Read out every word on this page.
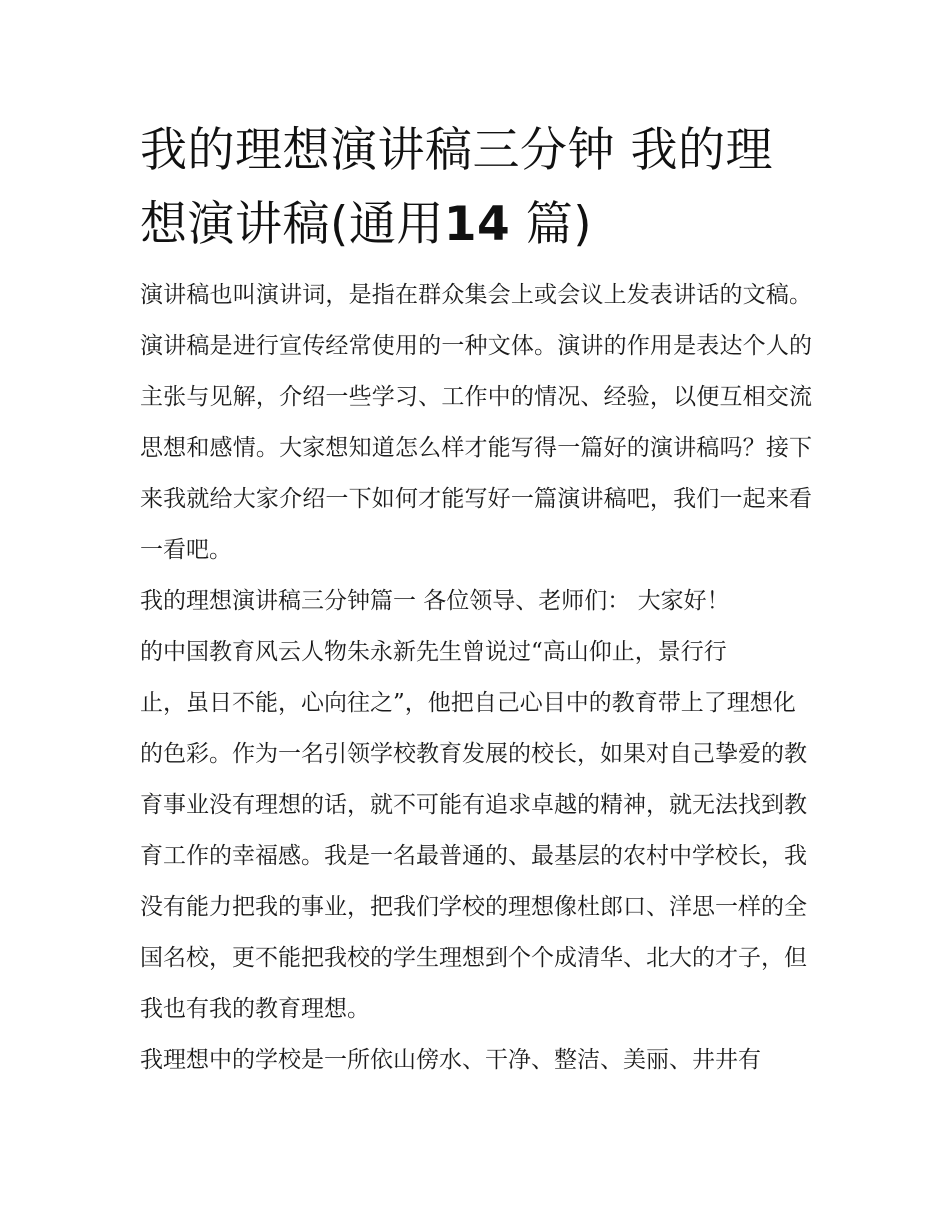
我的理想演讲稿三分钟 我的理想演讲稿(通用14 篇)

演讲稿也叫演讲词，是指在群众集会上或会议上发表讲话的文稿。演讲稿是进行宣传经常使用的一种文体。演讲的作用是表达个人的主张与见解，介绍一些学习、工作中的情况、经验，以便互相交流思想和感情。大家想知道怎么样才能写得一篇好的演讲稿吗？接下来我就给大家介绍一下如何才能写好一篇演讲稿吧，我们一起来看一看吧。

我的理想演讲稿三分钟篇一 各位领导、老师们： 大家好！

的中国教育风云人物朱永新先生曾说过“高山仰止，景行行

止，虽日不能，心向往之”，他把自己心目中的教育带上了理想化的色彩。作为一名引领学校教育发展的校长，如果对自己挚爱的教育事业没有理想的话，就不可能有追求卓越的精神，就无法找到教育工作的幸福感。我是一名最普通的、最基层的农村中学校长，我没有能力把我的事业，把我们学校的理想像杜郎口、洋思一样的全国名校，更不能把我校的学生理想到个个成清华、北大的才子，但我也有我的教育理想。

我理想中的学校是一所依山傍水、干净、整洁、美丽、井井有
